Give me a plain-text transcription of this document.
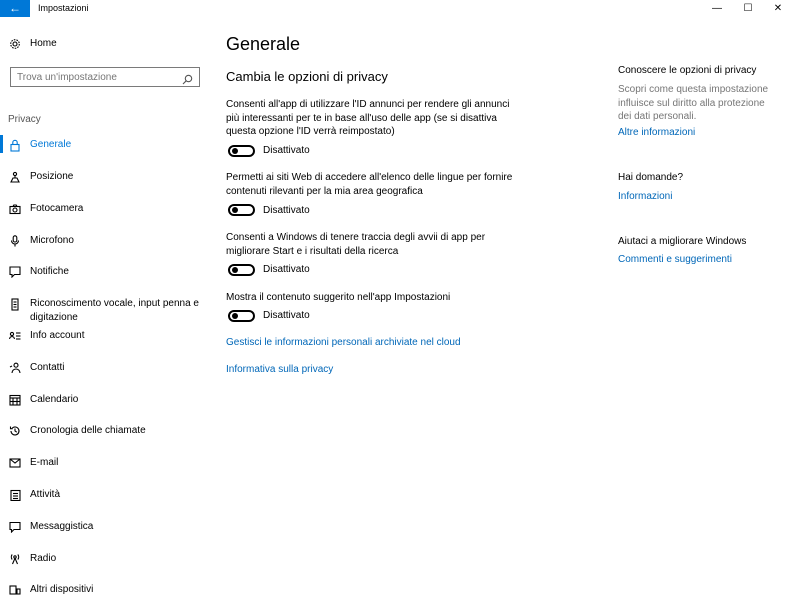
←	Impostazioni	—	☐	✕
Home
Trova un'impostazione
Privacy
Generale
Posizione
Fotocamera
Microfono
Notifiche
Riconoscimento vocale, input penna e digitazione
Info account
Contatti
Calendario
Cronologia delle chiamate
E-mail
Attività
Messaggistica
Radio
Altri dispositivi
Generale
Cambia le opzioni di privacy
Consenti all'app di utilizzare l'ID annunci per rendere gli annunci più interessanti per te in base all'uso delle app (se si disattiva questa opzione l'ID verrà reimpostato)
Disattivato
Permetti ai siti Web di accedere all'elenco delle lingue per fornire contenuti rilevanti per la mia area geografica
Disattivato
Consenti a Windows di tenere traccia degli avvii di app per migliorare Start e i risultati della ricerca
Disattivato
Mostra il contenuto suggerito nell'app Impostazioni
Disattivato
Gestisci le informazioni personali archiviate nel cloud
Informativa sulla privacy
Conoscere le opzioni di privacy
Scopri come questa impostazione influisce sul diritto alla protezione dei dati personali.
Altre informazioni
Hai domande?
Informazioni
Aiutaci a migliorare Windows
Commenti e suggerimenti
